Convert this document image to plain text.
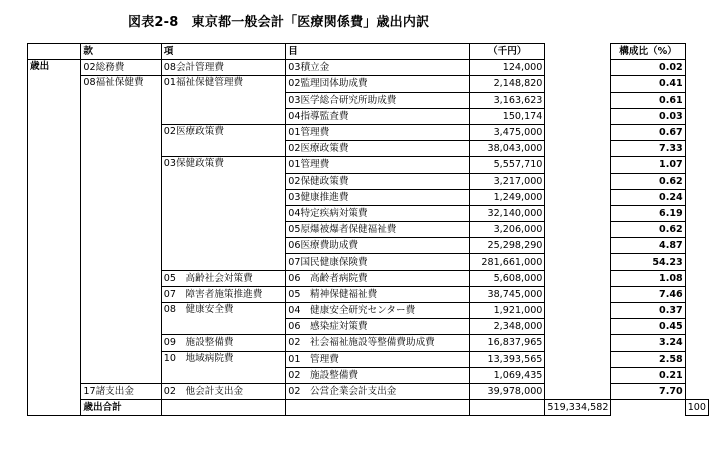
図表2-8　東京都一般会計「医療関係費」歳出内訳
	款	項	目	（千円）		構成比（%）	
歳出	02総務費	08会計管理費	03積立金	124,000		0.02	
	08福祉保健費	01福祉保健管理費	02監理団体助成費	2,148,820		0.41	
			03医学総合研究所助成費	3,163,623		0.61	
			04指導監査費	150,174		0.03	
		02医療政策費	01管理費	3,475,000		0.67	
			02医療政策費	38,043,000		7.33	
		03保健政策費	01管理費	5,557,710		1.07	
			02保健政策費	3,217,000		0.62	
			03健康推進費	1,249,000		0.24	
			04特定疾病対策費	32,140,000		6.19	
			05原爆被爆者保健福祉費	3,206,000		0.62	
			06医療費助成費	25,298,290		4.87	
			07国民健康保険費	281,661,000		54.23	
		05　高齢社会対策費	06　高齢者病院費	5,608,000		1.08	
		07　障害者施策推進費	05　精神保健福祉費	38,745,000		7.46	
		08　健康安全費	04　健康安全研究センター費	1,921,000		0.37	
			06　感染症対策費	2,348,000		0.45	
		09　施設整備費	02　社会福祉施設等整備費助成費	16,837,965		3.24	
		10　地域病院費	01　管理費	13,393,565		2.58	
			02　施設整備費	1,069,435		0.21	
	17諸支出金	02　他会計支出金	02　公営企業会計支出金	39,978,000		7.70	
	歳出合計				519,334,582		100
